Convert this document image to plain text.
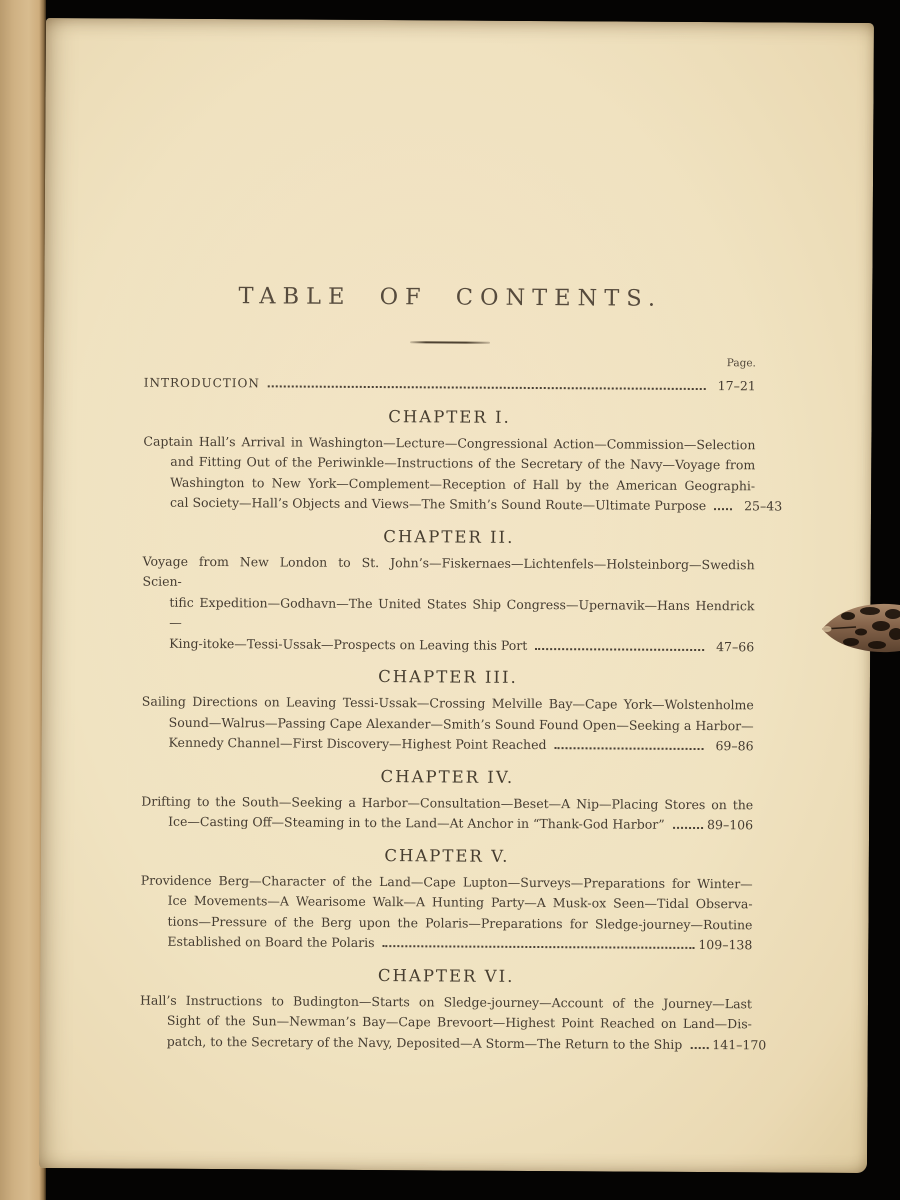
TABLE OF CONTENTS.
Page.
INTRODUCTION	17–21
CHAPTER I.
Captain Hall’s Arrival in Washington—Lecture—Congressional Action—Commission—Selection
and Fitting Out of the Periwinkle—Instructions of the Secretary of the Navy—Voyage from
Washington to New York—Complement—Reception of Hall by the American Geographi-
cal Society—Hall’s Objects and Views—The Smith’s Sound Route—Ultimate Purpose	25–43
CHAPTER II.
Voyage from New London to St. John’s—Fiskernaes—Lichtenfels—Holsteinborg—Swedish Scien-
tific Expedition—Godhavn—The United States Ship Congress—Upernavik—Hans Hendrick—
King-itoke—Tessi-Ussak—Prospects on Leaving this Port	47–66
CHAPTER III.
Sailing Directions on Leaving Tessi-Ussak—Crossing Melville Bay—Cape York—Wolstenholme
Sound—Walrus—Passing Cape Alexander—Smith’s Sound Found Open—Seeking a Harbor—
Kennedy Channel—First Discovery—Highest Point Reached	69–86
CHAPTER IV.
Drifting to the South—Seeking a Harbor—Consultation—Beset—A Nip—Placing Stores on the
Ice—Casting Off—Steaming in to the Land—At Anchor in “Thank-God Harbor”	89–106
CHAPTER V.
Providence Berg—Character of the Land—Cape Lupton—Surveys—Preparations for Winter—
Ice Movements—A Wearisome Walk—A Hunting Party—A Musk-ox Seen—Tidal Observa-
tions—Pressure of the Berg upon the Polaris—Preparations for Sledge-journey—Routine
Established on Board the Polaris	109–138
CHAPTER VI.
Hall’s Instructions to Budington—Starts on Sledge-journey—Account of the Journey—Last
Sight of the Sun—Newman’s Bay—Cape Brevoort—Highest Point Reached on Land—Dis-
patch, to the Secretary of the Navy, Deposited—A Storm—The Return to the Ship 141–170
